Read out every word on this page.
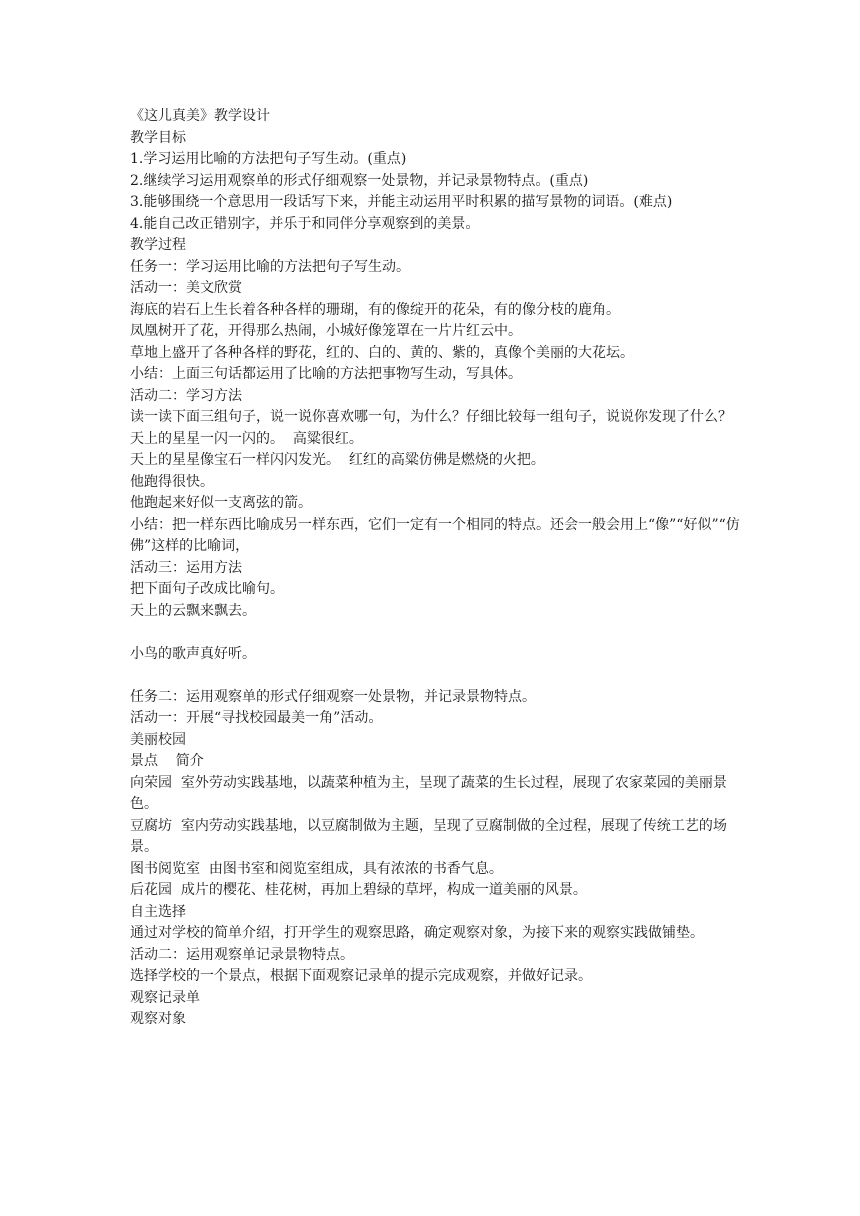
《这儿真美》教学设计
教学目标
1.学习运用比喻的方法把句子写生动。(重点)
2.继续学习运用观察单的形式仔细观察一处景物，并记录景物特点。(重点)
3.能够围绕一个意思用一段话写下来，并能主动运用平时积累的描写景物的词语。(难点)
4.能自己改正错别字，并乐于和同伴分享观察到的美景。
教学过程
任务一：学习运用比喻的方法把句子写生动。
活动一：美文欣赏
海底的岩石上生长着各种各样的珊瑚，有的像绽开的花朵，有的像分枝的鹿角。
凤凰树开了花，开得那么热闹，小城好像笼罩在一片片红云中。
草地上盛开了各种各样的野花，红的、白的、黄的、紫的，真像个美丽的大花坛。
小结：上面三句话都运用了比喻的方法把事物写生动，写具体。
活动二：学习方法
读一读下面三组句子，说一说你喜欢哪一句，为什么？仔细比较每一组句子，说说你发现了什么？
天上的星星一闪一闪的。  高粱很红。
天上的星星像宝石一样闪闪发光。  红红的高粱仿佛是燃烧的火把。
他跑得很快。
他跑起来好似一支离弦的箭。
小结：把一样东西比喻成另一样东西，它们一定有一个相同的特点。还会一般会用上“像”“好似”“仿佛”这样的比喻词，
活动三：运用方法
把下面句子改成比喻句。
天上的云飘来飘去。
小鸟的歌声真好听。
任务二：运用观察单的形式仔细观察一处景物，并记录景物特点。
活动一：开展“寻找校园最美一角”活动。
美丽校园
景点    简介
向荣园  室外劳动实践基地，以蔬菜种植为主，呈现了蔬菜的生长过程，展现了农家菜园的美丽景色。
豆腐坊  室内劳动实践基地，以豆腐制做为主题，呈现了豆腐制做的全过程，展现了传统工艺的场景。
图书阅览室  由图书室和阅览室组成，具有浓浓的书香气息。
后花园  成片的樱花、桂花树，再加上碧绿的草坪，构成一道美丽的风景。
自主选择
通过对学校的简单介绍，打开学生的观察思路，确定观察对象，为接下来的观察实践做铺垫。
活动二：运用观察单记录景物特点。
选择学校的一个景点，根据下面观察记录单的提示完成观察，并做好记录。
观察记录单
观察对象
